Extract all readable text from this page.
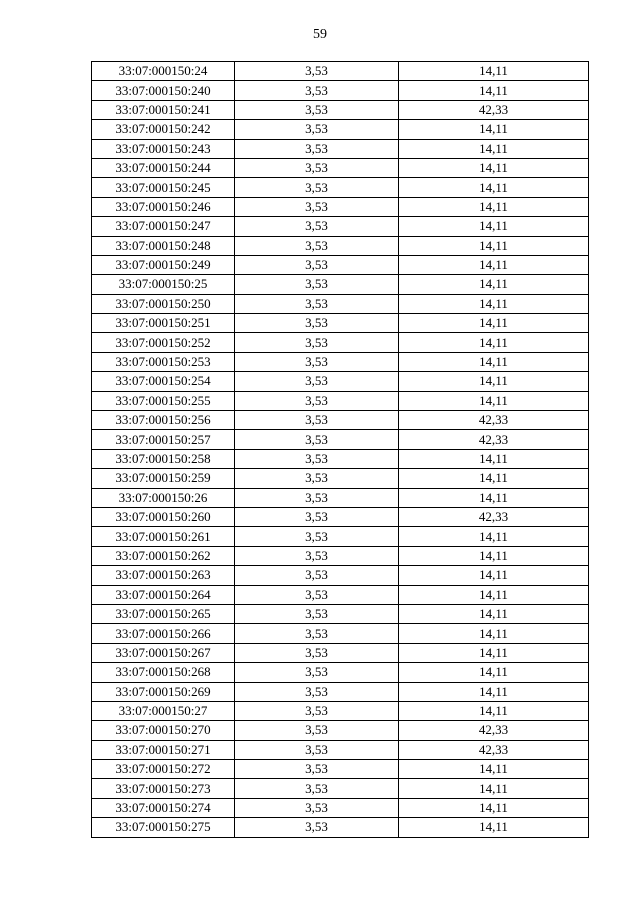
59
33:07:000150:24	3,53	14,11
33:07:000150:240	3,53	14,11
33:07:000150:241	3,53	42,33
33:07:000150:242	3,53	14,11
33:07:000150:243	3,53	14,11
33:07:000150:244	3,53	14,11
33:07:000150:245	3,53	14,11
33:07:000150:246	3,53	14,11
33:07:000150:247	3,53	14,11
33:07:000150:248	3,53	14,11
33:07:000150:249	3,53	14,11
33:07:000150:25	3,53	14,11
33:07:000150:250	3,53	14,11
33:07:000150:251	3,53	14,11
33:07:000150:252	3,53	14,11
33:07:000150:253	3,53	14,11
33:07:000150:254	3,53	14,11
33:07:000150:255	3,53	14,11
33:07:000150:256	3,53	42,33
33:07:000150:257	3,53	42,33
33:07:000150:258	3,53	14,11
33:07:000150:259	3,53	14,11
33:07:000150:26	3,53	14,11
33:07:000150:260	3,53	42,33
33:07:000150:261	3,53	14,11
33:07:000150:262	3,53	14,11
33:07:000150:263	3,53	14,11
33:07:000150:264	3,53	14,11
33:07:000150:265	3,53	14,11
33:07:000150:266	3,53	14,11
33:07:000150:267	3,53	14,11
33:07:000150:268	3,53	14,11
33:07:000150:269	3,53	14,11
33:07:000150:27	3,53	14,11
33:07:000150:270	3,53	42,33
33:07:000150:271	3,53	42,33
33:07:000150:272	3,53	14,11
33:07:000150:273	3,53	14,11
33:07:000150:274	3,53	14,11
33:07:000150:275	3,53	14,11
